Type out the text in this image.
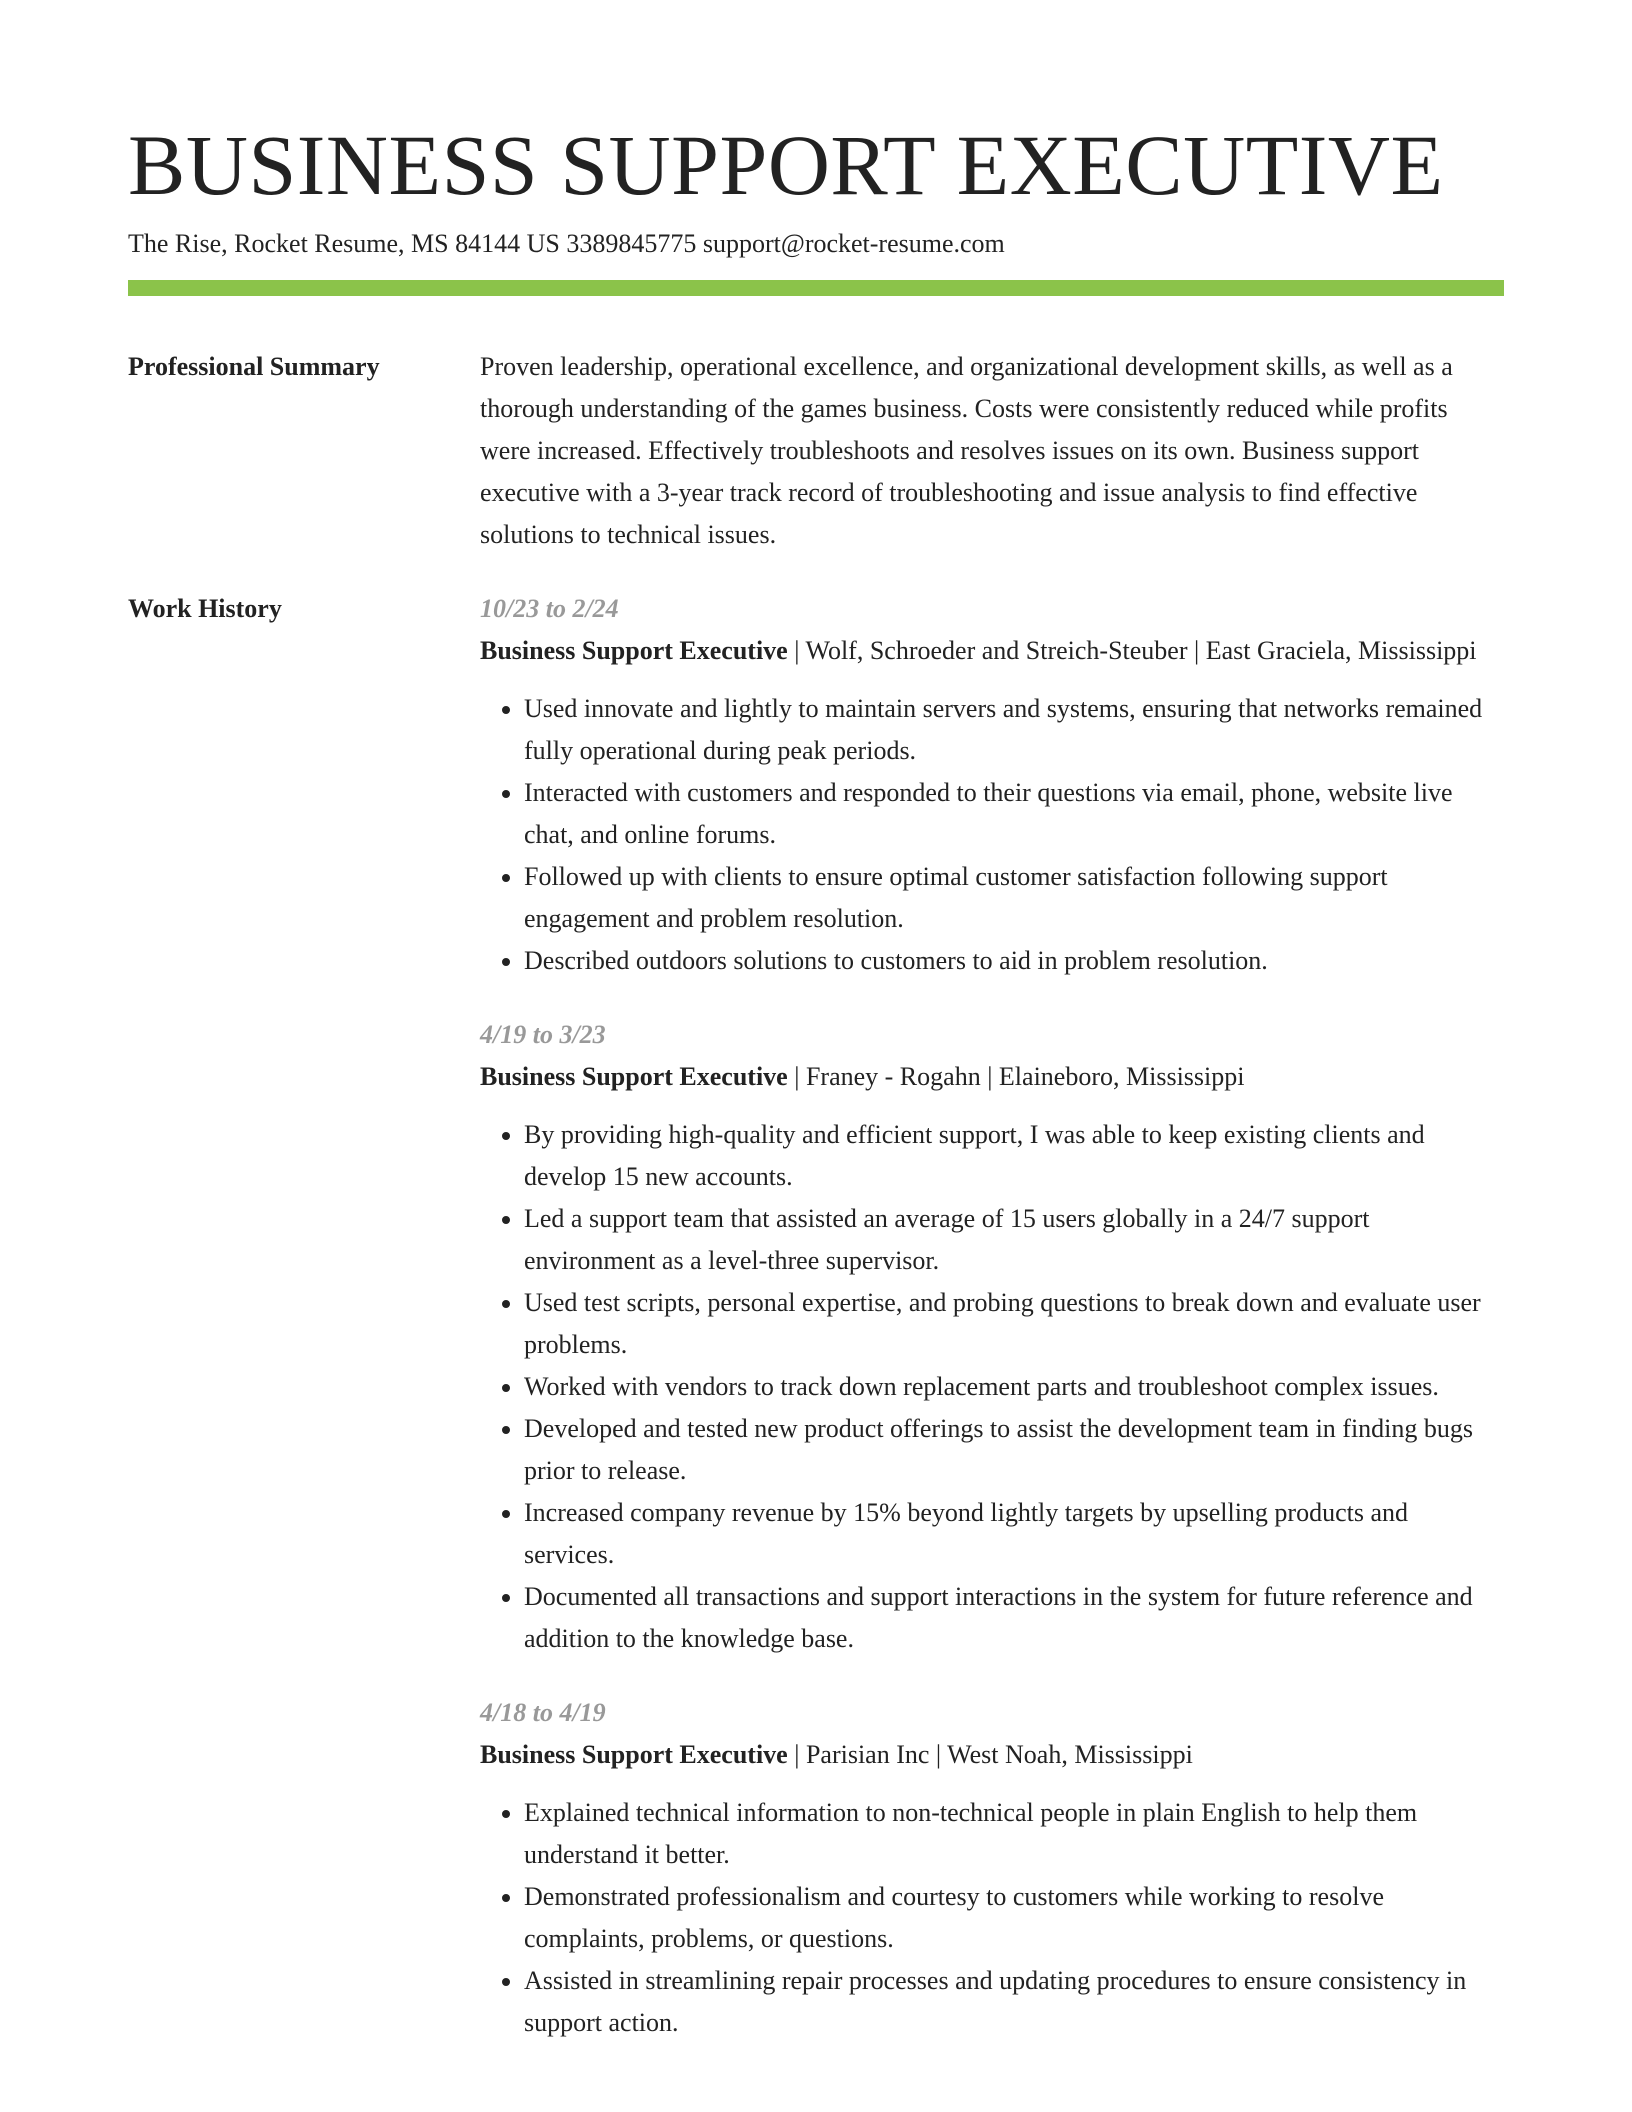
BUSINESS SUPPORT EXECUTIVE
The Rise, Rocket Resume, MS 84144 US 3389845775 support@rocket-resume.com
Professional Summary	Proven leadership, operational excellence, and organizational development skills, as well as a thorough understanding of the games business. Costs were consistently reduced while profits were increased. Effectively troubleshoots and resolves issues on its own. Business support executive with a 3-year track record of troubleshooting and issue analysis to find effective solutions to technical issues.
Work History	10/23 to 2/24
Business Support Executive | Wolf, Schroeder and Streich-Steuber | East Graciela, Mississippi
• Used innovate and lightly to maintain servers and systems, ensuring that networks remained fully operational during peak periods.
• Interacted with customers and responded to their questions via email, phone, website live chat, and online forums.
• Followed up with clients to ensure optimal customer satisfaction following support engagement and problem resolution.
• Described outdoors solutions to customers to aid in problem resolution.
4/19 to 3/23
Business Support Executive | Franey - Rogahn | Elaineboro, Mississippi
• By providing high-quality and efficient support, I was able to keep existing clients and develop 15 new accounts.
• Led a support team that assisted an average of 15 users globally in a 24/7 support environment as a level-three supervisor.
• Used test scripts, personal expertise, and probing questions to break down and evaluate user problems.
• Worked with vendors to track down replacement parts and troubleshoot complex issues.
• Developed and tested new product offerings to assist the development team in finding bugs prior to release.
• Increased company revenue by 15% beyond lightly targets by upselling products and services.
• Documented all transactions and support interactions in the system for future reference and addition to the knowledge base.
4/18 to 4/19
Business Support Executive | Parisian Inc | West Noah, Mississippi
• Explained technical information to non-technical people in plain English to help them understand it better.
• Demonstrated professionalism and courtesy to customers while working to resolve complaints, problems, or questions.
• Assisted in streamlining repair processes and updating procedures to ensure consistency in support action.
